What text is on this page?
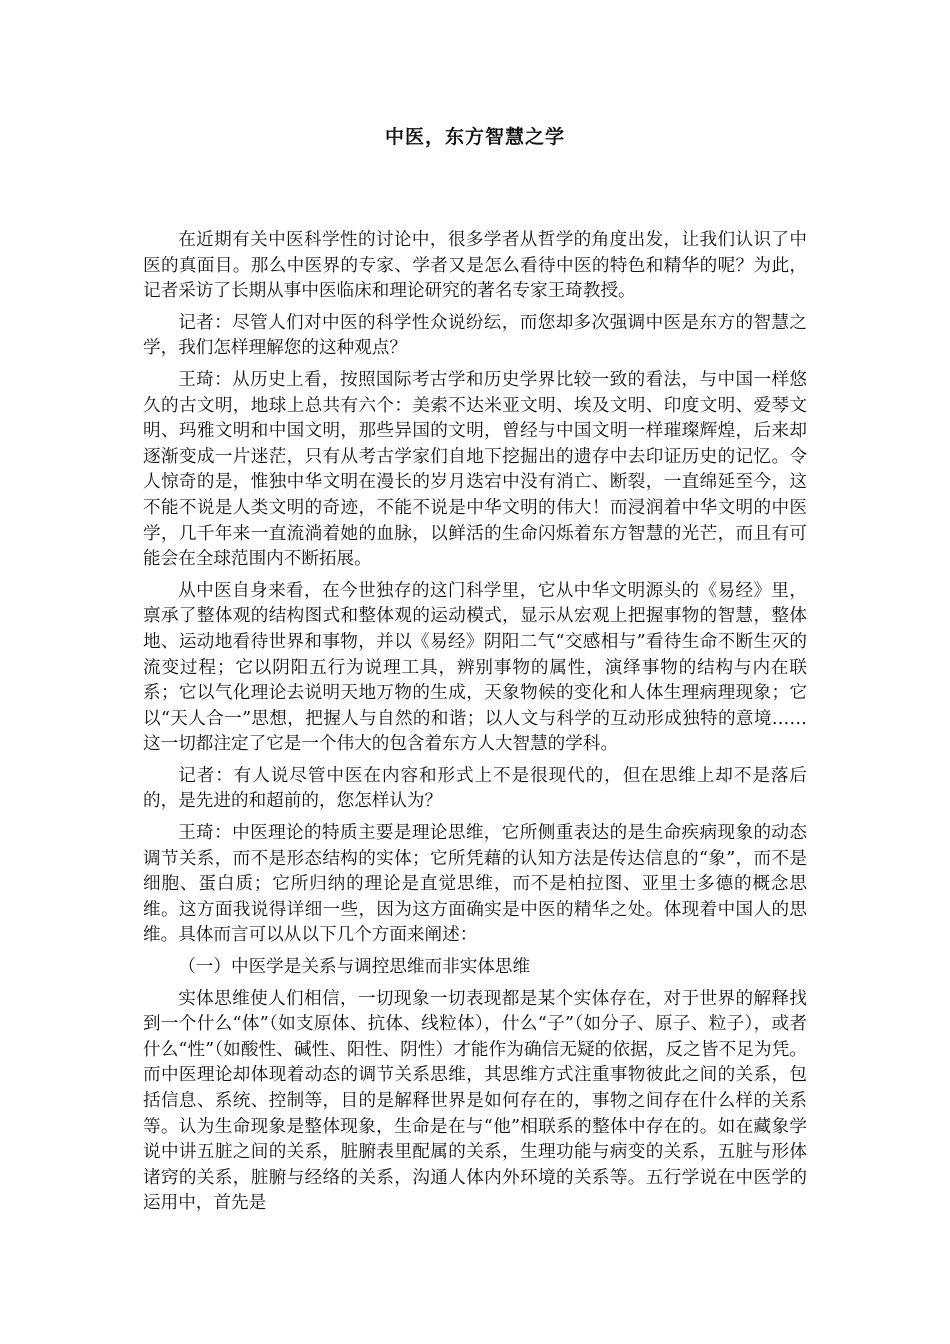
中医，东方智慧之学

在近期有关中医科学性的讨论中，很多学者从哲学的角度出发，让我们认识了中医的真面目。那么中医界的专家、学者又是怎么看待中医的特色和精华的呢？为此，记者采访了长期从事中医临床和理论研究的著名专家王琦教授。

记者：尽管人们对中医的科学性众说纷纭，而您却多次强调中医是东方的智慧之学，我们怎样理解您的这种观点？

王琦：从历史上看，按照国际考古学和历史学界比较一致的看法，与中国一样悠久的古文明，地球上总共有六个：美索不达米亚文明、埃及文明、印度文明、爱琴文明、玛雅文明和中国文明，那些异国的文明，曾经与中国文明一样璀璨辉煌，后来却逐渐变成一片迷茫，只有从考古学家们自地下挖掘出的遗存中去印证历史的记忆。令人惊奇的是，惟独中华文明在漫长的岁月迭宕中没有消亡、断裂，一直绵延至今，这不能不说是人类文明的奇迹，不能不说是中华文明的伟大！而浸润着中华文明的中医学，几千年来一直流淌着她的血脉，以鲜活的生命闪烁着东方智慧的光芒，而且有可能会在全球范围内不断拓展。

从中医自身来看，在今世独存的这门科学里，它从中华文明源头的《易经》里，禀承了整体观的结构图式和整体观的运动模式，显示从宏观上把握事物的智慧，整体地、运动地看待世界和事物，并以《易经》阴阳二气“交感相与”看待生命不断生灭的流变过程；它以阴阳五行为说理工具，辨别事物的属性，演绎事物的结构与内在联系；它以气化理论去说明天地万物的生成，天象物候的变化和人体生理病理现象；它以“天人合一”思想，把握人与自然的和谐；以人文与科学的互动形成独特的意境……这一切都注定了它是一个伟大的包含着东方人大智慧的学科。

记者：有人说尽管中医在内容和形式上不是很现代的，但在思维上却不是落后的，是先进的和超前的，您怎样认为？

王琦：中医理论的特质主要是理论思维，它所侧重表达的是生命疾病现象的动态调节关系，而不是形态结构的实体；它所凭藉的认知方法是传达信息的“象”，而不是细胞、蛋白质；它所归纳的理论是直觉思维，而不是柏拉图、亚里士多德的概念思维。这方面我说得详细一些，因为这方面确实是中医的精华之处。体现着中国人的思维。具体而言可以从以下几个方面来阐述：

（一）中医学是关系与调控思维而非实体思维

实体思维使人们相信，一切现象一切表现都是某个实体存在，对于世界的解释找到一个什么“体”（如支原体、抗体、线粒体），什么“子”（如分子、原子、粒子），或者什么“性”（如酸性、碱性、阳性、阴性）才能作为确信无疑的依据，反之皆不足为凭。而中医理论却体现着动态的调节关系思维，其思维方式注重事物彼此之间的关系，包括信息、系统、控制等，目的是解释世界是如何存在的，事物之间存在什么样的关系等。认为生命现象是整体现象，生命是在与“他”相联系的整体中存在的。如在藏象学说中讲五脏之间的关系，脏腑表里配属的关系，生理功能与病变的关系，五脏与形体诸窍的关系，脏腑与经络的关系，沟通人体内外环境的关系等。五行学说在中医学的运用中，首先是
